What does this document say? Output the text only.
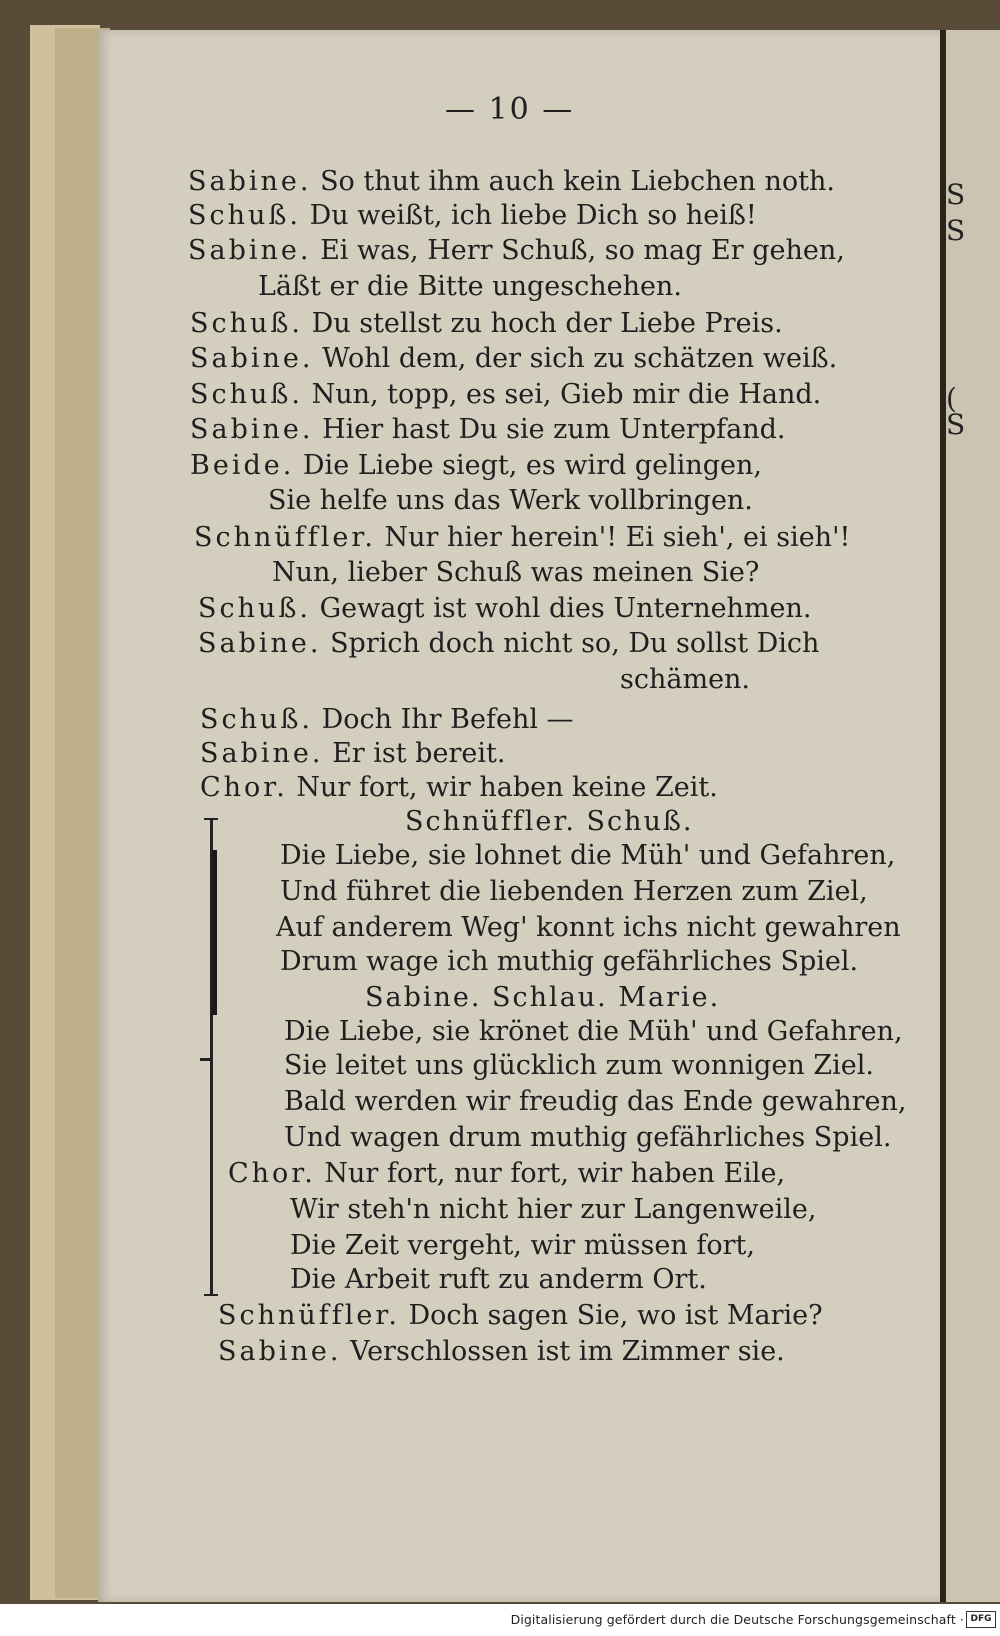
S
S
(
S
— 10 —
Sabine. So thut ihm auch kein Liebchen noth.
Schuß. Du weißt, ich liebe Dich so heiß!
Sabine. Ei was, Herr Schuß, so mag Er gehen,
Läßt er die Bitte ungeschehen.
Schuß. Du stellst zu hoch der Liebe Preis.
Sabine. Wohl dem, der sich zu schätzen weiß.
Schuß. Nun, topp, es sei, Gieb mir die Hand.
Sabine. Hier hast Du sie zum Unterpfand.
Beide. Die Liebe siegt, es wird gelingen,
Sie helfe uns das Werk vollbringen.
Schnüffler. Nur hier herein'! Ei sieh', ei sieh'!
Nun, lieber Schuß was meinen Sie?
Schuß. Gewagt ist wohl dies Unternehmen.
Sabine. Sprich doch nicht so, Du sollst Dich
schämen.
Schuß. Doch Ihr Befehl —
Sabine. Er ist bereit.
Chor. Nur fort, wir haben keine Zeit.
Schnüffler. Schuß.
Die Liebe, sie lohnet die Müh' und Gefahren,
Und führet die liebenden Herzen zum Ziel,
Auf anderem Weg' konnt ichs nicht gewahren
Drum wage ich muthig gefährliches Spiel.
Sabine. Schlau. Marie.
Die Liebe, sie krönet die Müh' und Gefahren,
Sie leitet uns glücklich zum wonnigen Ziel.
Bald werden wir freudig das Ende gewahren,
Und wagen drum muthig gefährliches Spiel.
Chor. Nur fort, nur fort, wir haben Eile,
Wir steh'n nicht hier zur Langenweile,
Die Zeit vergeht, wir müssen fort,
Die Arbeit ruft zu anderm Ort.
Schnüffler. Doch sagen Sie, wo ist Marie?
Sabine. Verschlossen ist im Zimmer sie.
Digitalisierung gefördert durch die Deutsche Forschungsgemeinschaft · DFG
